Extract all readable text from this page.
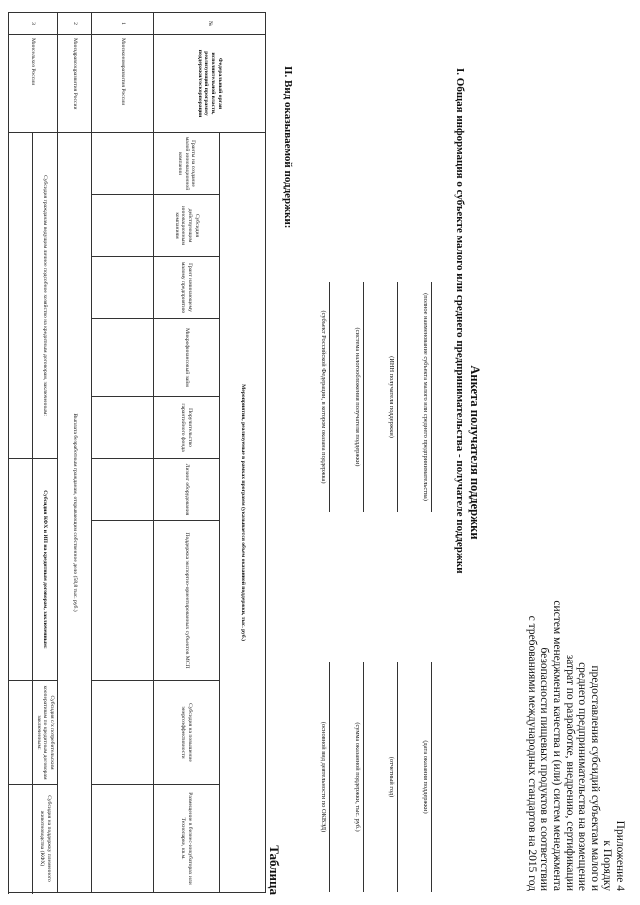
Приложение 4
к Порядку
предоставления субсидий субъектам малого и
среднего предпринимательства на возмещение
затрат по разработке, внедрению, сертификации
систем менеджмента качества и (или) систем менеджмента
безопасности пищевых продуктов в соответствии
с требованиями международных стандартов на 2015 год
Анкета получателя поддержки
I. Общая информация о субъекте малого или среднего предпринимательства - получателе поддержки
(полное наименование субъекта малого или среднего предпринимательства)
(ИНН получателя поддержки)
(система налогообложения получателя поддержки)
(субъект Российской Федерации, в котором оказана поддержка)
(дата оказания поддержки)
(отчетный год)
(сумма оказанной поддержки, тыс. руб.)
(основной вид деятельности по ОКВЭД)
II. Вид оказываемой поддержки:
Таблица
№	Федеральный орган исполнительной власти, реализующий программу поддержки/госкорпорации	Мероприятия, реализуемые в рамках программ (указывается объем оказанной поддержки, тыс. руб.)								
		Гранты на создание малой инновационной компании	Субсидия действующим инновационным компаниям	Грант начинающему малому предприятию	Микрофинансовый займ	Поручительство гарантийного фонда	Лизинг оборудования	Поддержка экспортно-ориентированных субъектов МСП	Субсидия на повышение энергоэффективности	Размещение в бизнес-инкубаторах или Технопарке, кв.м.
1	Минэкономразвития России									
2	Минздравсоцразвития России	Выплата безработным гражданам, открывающим собственное дело (58,8 тыс. руб.)								
3	Минсельхоз России	Субсидия гражданам ведущим личное подсобное хозяйство на кредитным договорам, заключенным:					Субсидия КФХ и ИП на кредитным договорам, заключенным:		Субсидия с/х потребительским кооперативам по кредитным договорам заключенным:	Субсидия на поддержку племенного животноводства (КФХ)
